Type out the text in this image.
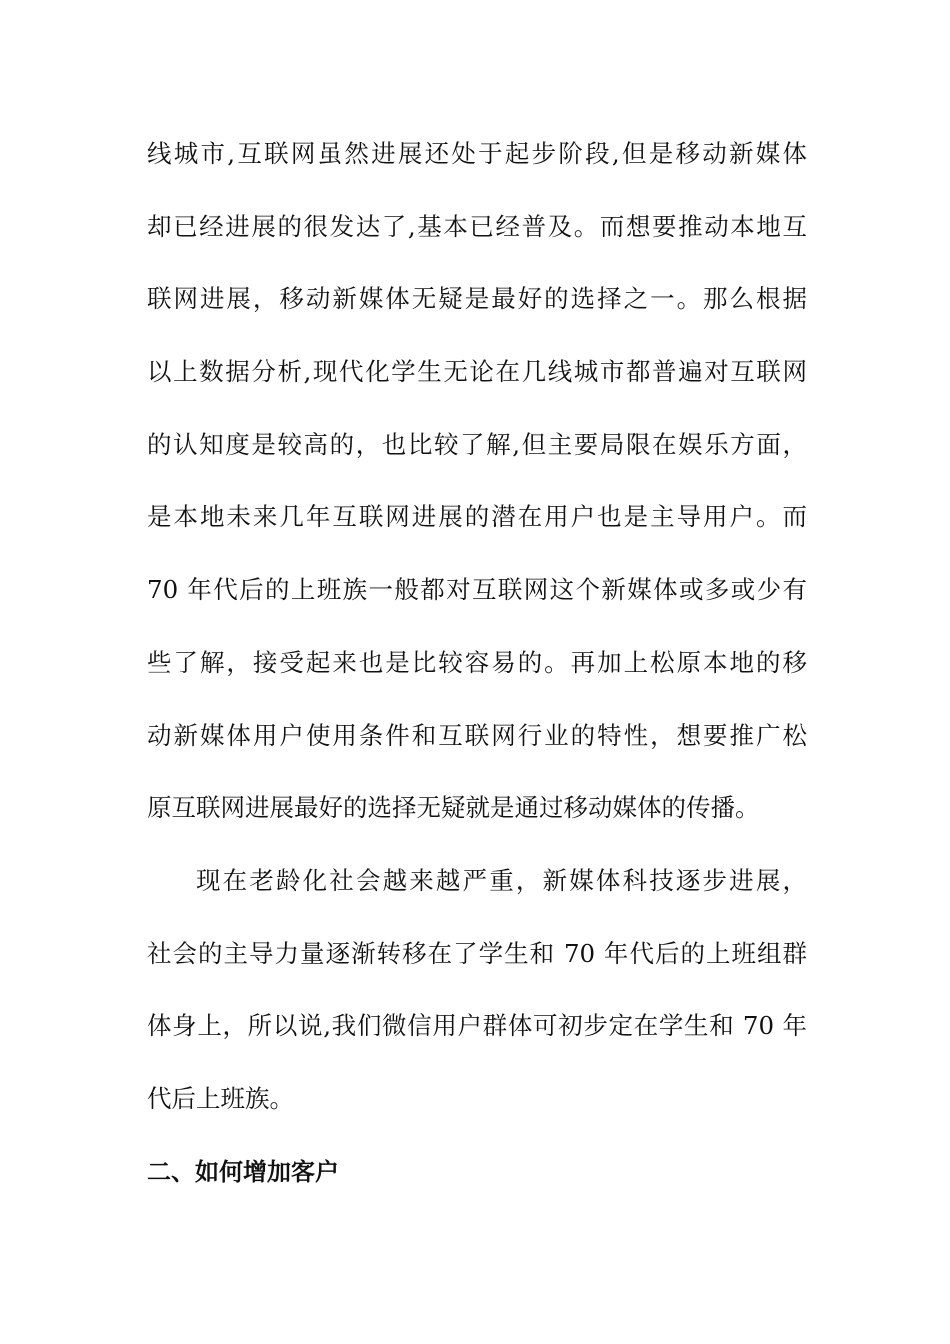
线城市,互联网虽然进展还处于起步阶段,但是移动新媒体
却已经进展的很发达了,基本已经普及。而想要推动本地互
联网进展，移动新媒体无疑是最好的选择之一。那么根据
以上数据分析,现代化学生无论在几线城市都普遍对互联网
的认知度是较高的，也比较了解,但主要局限在娱乐方面，
是本地未来几年互联网进展的潜在用户也是主导用户。而
70 年代后的上班族一般都对互联网这个新媒体或多或少有
些了解，接受起来也是比较容易的。再加上松原本地的移
动新媒体用户使用条件和互联网行业的特性，想要推广松
原互联网进展最好的选择无疑就是通过移动媒体的传播。
现在老龄化社会越来越严重，新媒体科技逐步进展，
社会的主导力量逐渐转移在了学生和 70 年代后的上班组群
体身上，所以说,我们微信用户群体可初步定在学生和 70 年
代后上班族。
二、如何增加客户
